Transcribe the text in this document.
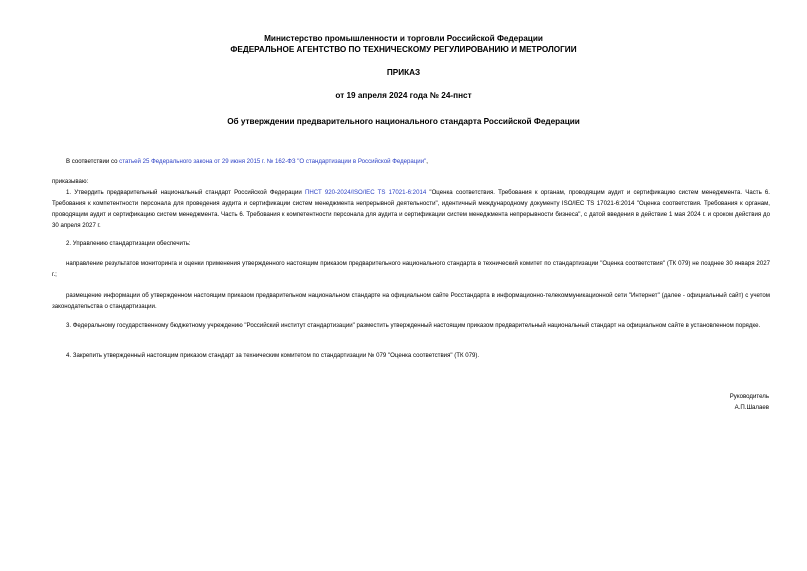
Министерство промышленности и торговли Российской Федерации
ФЕДЕРАЛЬНОЕ АГЕНТСТВО ПО ТЕХНИЧЕСКОМУ РЕГУЛИРОВАНИЮ И МЕТРОЛОГИИ
ПРИКАЗ
от 19 апреля 2024 года № 24-пнст
Об утверждении предварительного национального стандарта Российской Федерации
В соответствии со статьей 25 Федерального закона от 29 июня 2015 г. № 162-ФЗ "О стандартизации в Российской Федерации",
приказываю:
1. Утвердить предварительный национальный стандарт Российской Федерации ПНСТ 920-2024/ISO/IEC TS 17021-6:2014 "Оценка соответствия. Требования к органам, проводящим аудит и сертификацию систем менеджмента. Часть 6. Требования к компетентности персонала для проведения аудита и сертификации систем менеджмента непрерывной деятельности", идентичный международному документу ISO/IEC TS 17021-6:2014 "Оценка соответствия. Требования к органам, проводящим аудит и сертификацию систем менеджмента. Часть 6. Требования к компетентности персонала для аудита и сертификации систем менеджмента непрерывности бизнеса", с датой введения в действие 1 мая 2024 г. и сроком действия до 30 апреля 2027 г.
2. Управлению стандартизации обеспечить:
направление результатов мониторинга и оценки применения утвержденного настоящим приказом предварительного национального стандарта в технический комитет по стандартизации "Оценка соответствия" (ТК 079) не позднее 30 января 2027 г.;
размещение информации об утвержденном настоящим приказом предварительном национальном стандарте на официальном сайте Росстандарта в информационно-телекоммуникационной сети "Интернет" (далее - официальный сайт) с учетом законодательства о стандартизации.
3. Федеральному государственному бюджетному учреждению "Российский институт стандартизации" разместить утвержденный настоящим приказом предварительный национальный стандарт на официальном сайте в установленном порядке.
4. Закрепить утвержденный настоящим приказом стандарт за техническим комитетом по стандартизации № 079 "Оценка соответствия" (ТК 079).
Руководитель
А.П.Шалаев
